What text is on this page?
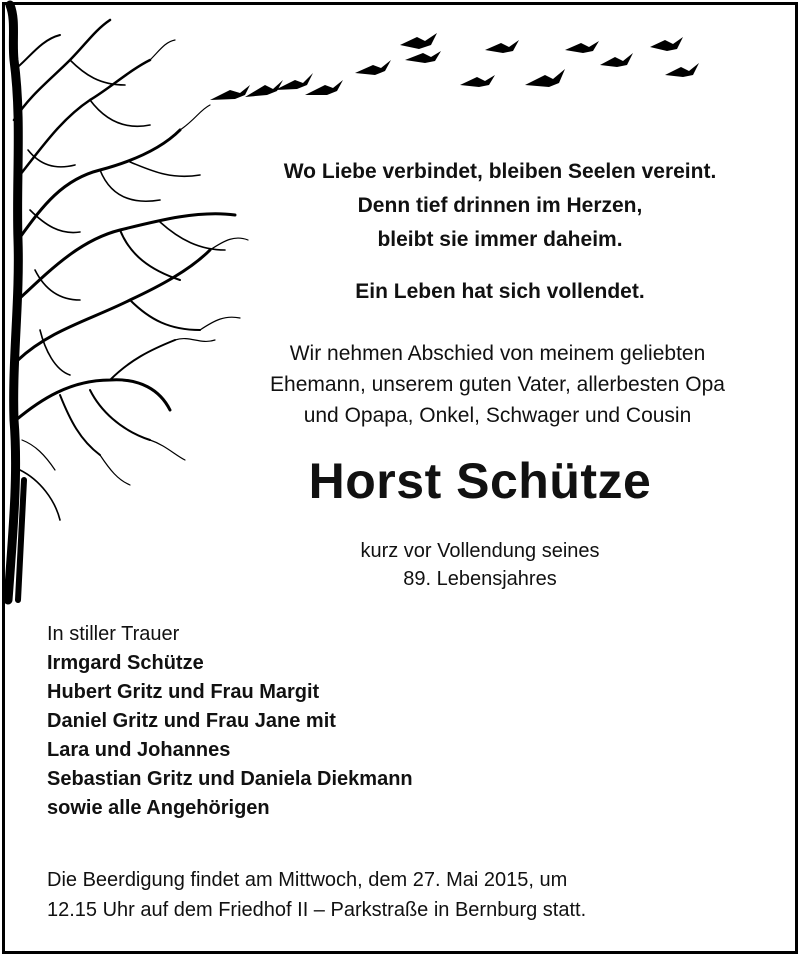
Wo Liebe verbindet, bleiben Seelen vereint.
Denn tief drinnen im Herzen,
bleibt sie immer daheim.
Ein Leben hat sich vollendet.
Wir nehmen Abschied von meinem geliebten
Ehemann, unserem guten Vater, allerbesten Opa
und Opapa, Onkel, Schwager und Cousin
Horst Schütze
kurz vor Vollendung seines
89. Lebensjahres
In stiller Trauer
Irmgard Schütze
Hubert Gritz und Frau Margit
Daniel Gritz und Frau Jane mit
Lara und Johannes
Sebastian Gritz und Daniela Diekmann
sowie alle Angehörigen
Die Beerdigung findet am Mittwoch, dem 27. Mai 2015, um
12.15 Uhr auf dem Friedhof II – Parkstraße in Bernburg statt.
